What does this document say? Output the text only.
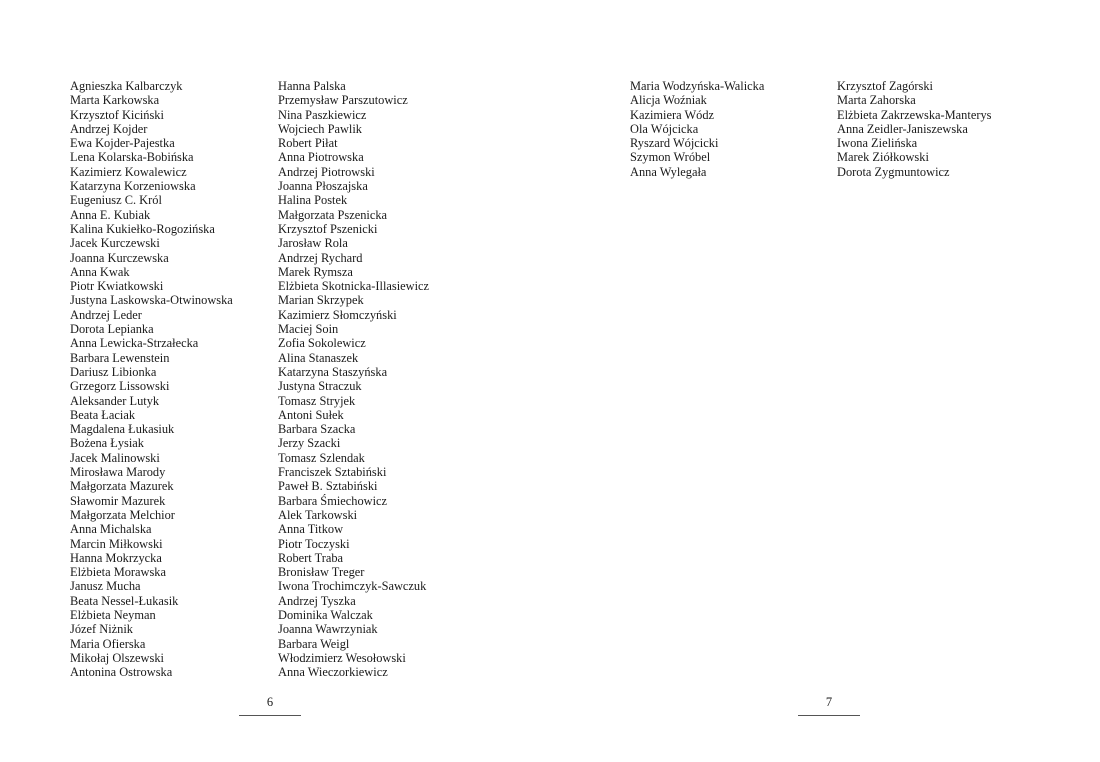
Agnieszka Kalbarczyk
Marta Karkowska
Krzysztof Kiciński
Andrzej Kojder
Ewa Kojder-Pajestka
Lena Kolarska-Bobińska
Kazimierz Kowalewicz
Katarzyna Korzeniowska
Eugeniusz C. Król
Anna E. Kubiak
Kalina Kukiełko-Rogozińska
Jacek Kurczewski
Joanna Kurczewska
Anna Kwak
Piotr Kwiatkowski
Justyna Laskowska-Otwinowska
Andrzej Leder
Dorota Lepianka
Anna Lewicka-Strzałecka
Barbara Lewenstein
Dariusz Libionka
Grzegorz Lissowski
Aleksander Lutyk
Beata Łaciak
Magdalena Łukasiuk
Bożena Łysiak
Jacek Malinowski
Mirosława Marody
Małgorzata Mazurek
Sławomir Mazurek
Małgorzata Melchior
Anna Michalska
Marcin Miłkowski
Hanna Mokrzycka
Elżbieta Morawska
Janusz Mucha
Beata Nessel-Łukasik
Elżbieta Neyman
Józef Niżnik
Maria Ofierska
Mikołaj Olszewski
Antonina Ostrowska
Hanna Palska
Przemysław Parszutowicz
Nina Paszkiewicz
Wojciech Pawlik
Robert Piłat
Anna Piotrowska
Andrzej Piotrowski
Joanna Płoszajska
Halina Postek
Małgorzata Pszenicka
Krzysztof Pszenicki
Jarosław Rola
Andrzej Rychard
Marek Rymsza
Elżbieta Skotnicka-Illasiewicz
Marian Skrzypek
Kazimierz Słomczyński
Maciej Soin
Zofia Sokolewicz
Alina Stanaszek
Katarzyna Staszyńska
Justyna Straczuk
Tomasz Stryjek
Antoni Sułek
Barbara Szacka
Jerzy Szacki
Tomasz Szlendak
Franciszek Sztabiński
Paweł B. Sztabiński
Barbara Śmiechowicz
Alek Tarkowski
Anna Titkow
Piotr Toczyski
Robert Traba
Bronisław Treger
Iwona Trochimczyk-Sawczuk
Andrzej Tyszka
Dominika Walczak
Joanna Wawrzyniak
Barbara Weigl
Włodzimierz Wesołowski
Anna Wieczorkiewicz
6
Maria Wodzyńska-Walicka
Alicja Woźniak
Kazimiera Wódz
Ola Wójcicka
Ryszard Wójcicki
Szymon Wróbel
Anna Wylegała
Krzysztof Zagórski
Marta Zahorska
Elżbieta Zakrzewska-Manterys
Anna Zeidler-Janiszewska
Iwona Zielińska
Marek Ziółkowski
Dorota Zygmuntowicz
7
